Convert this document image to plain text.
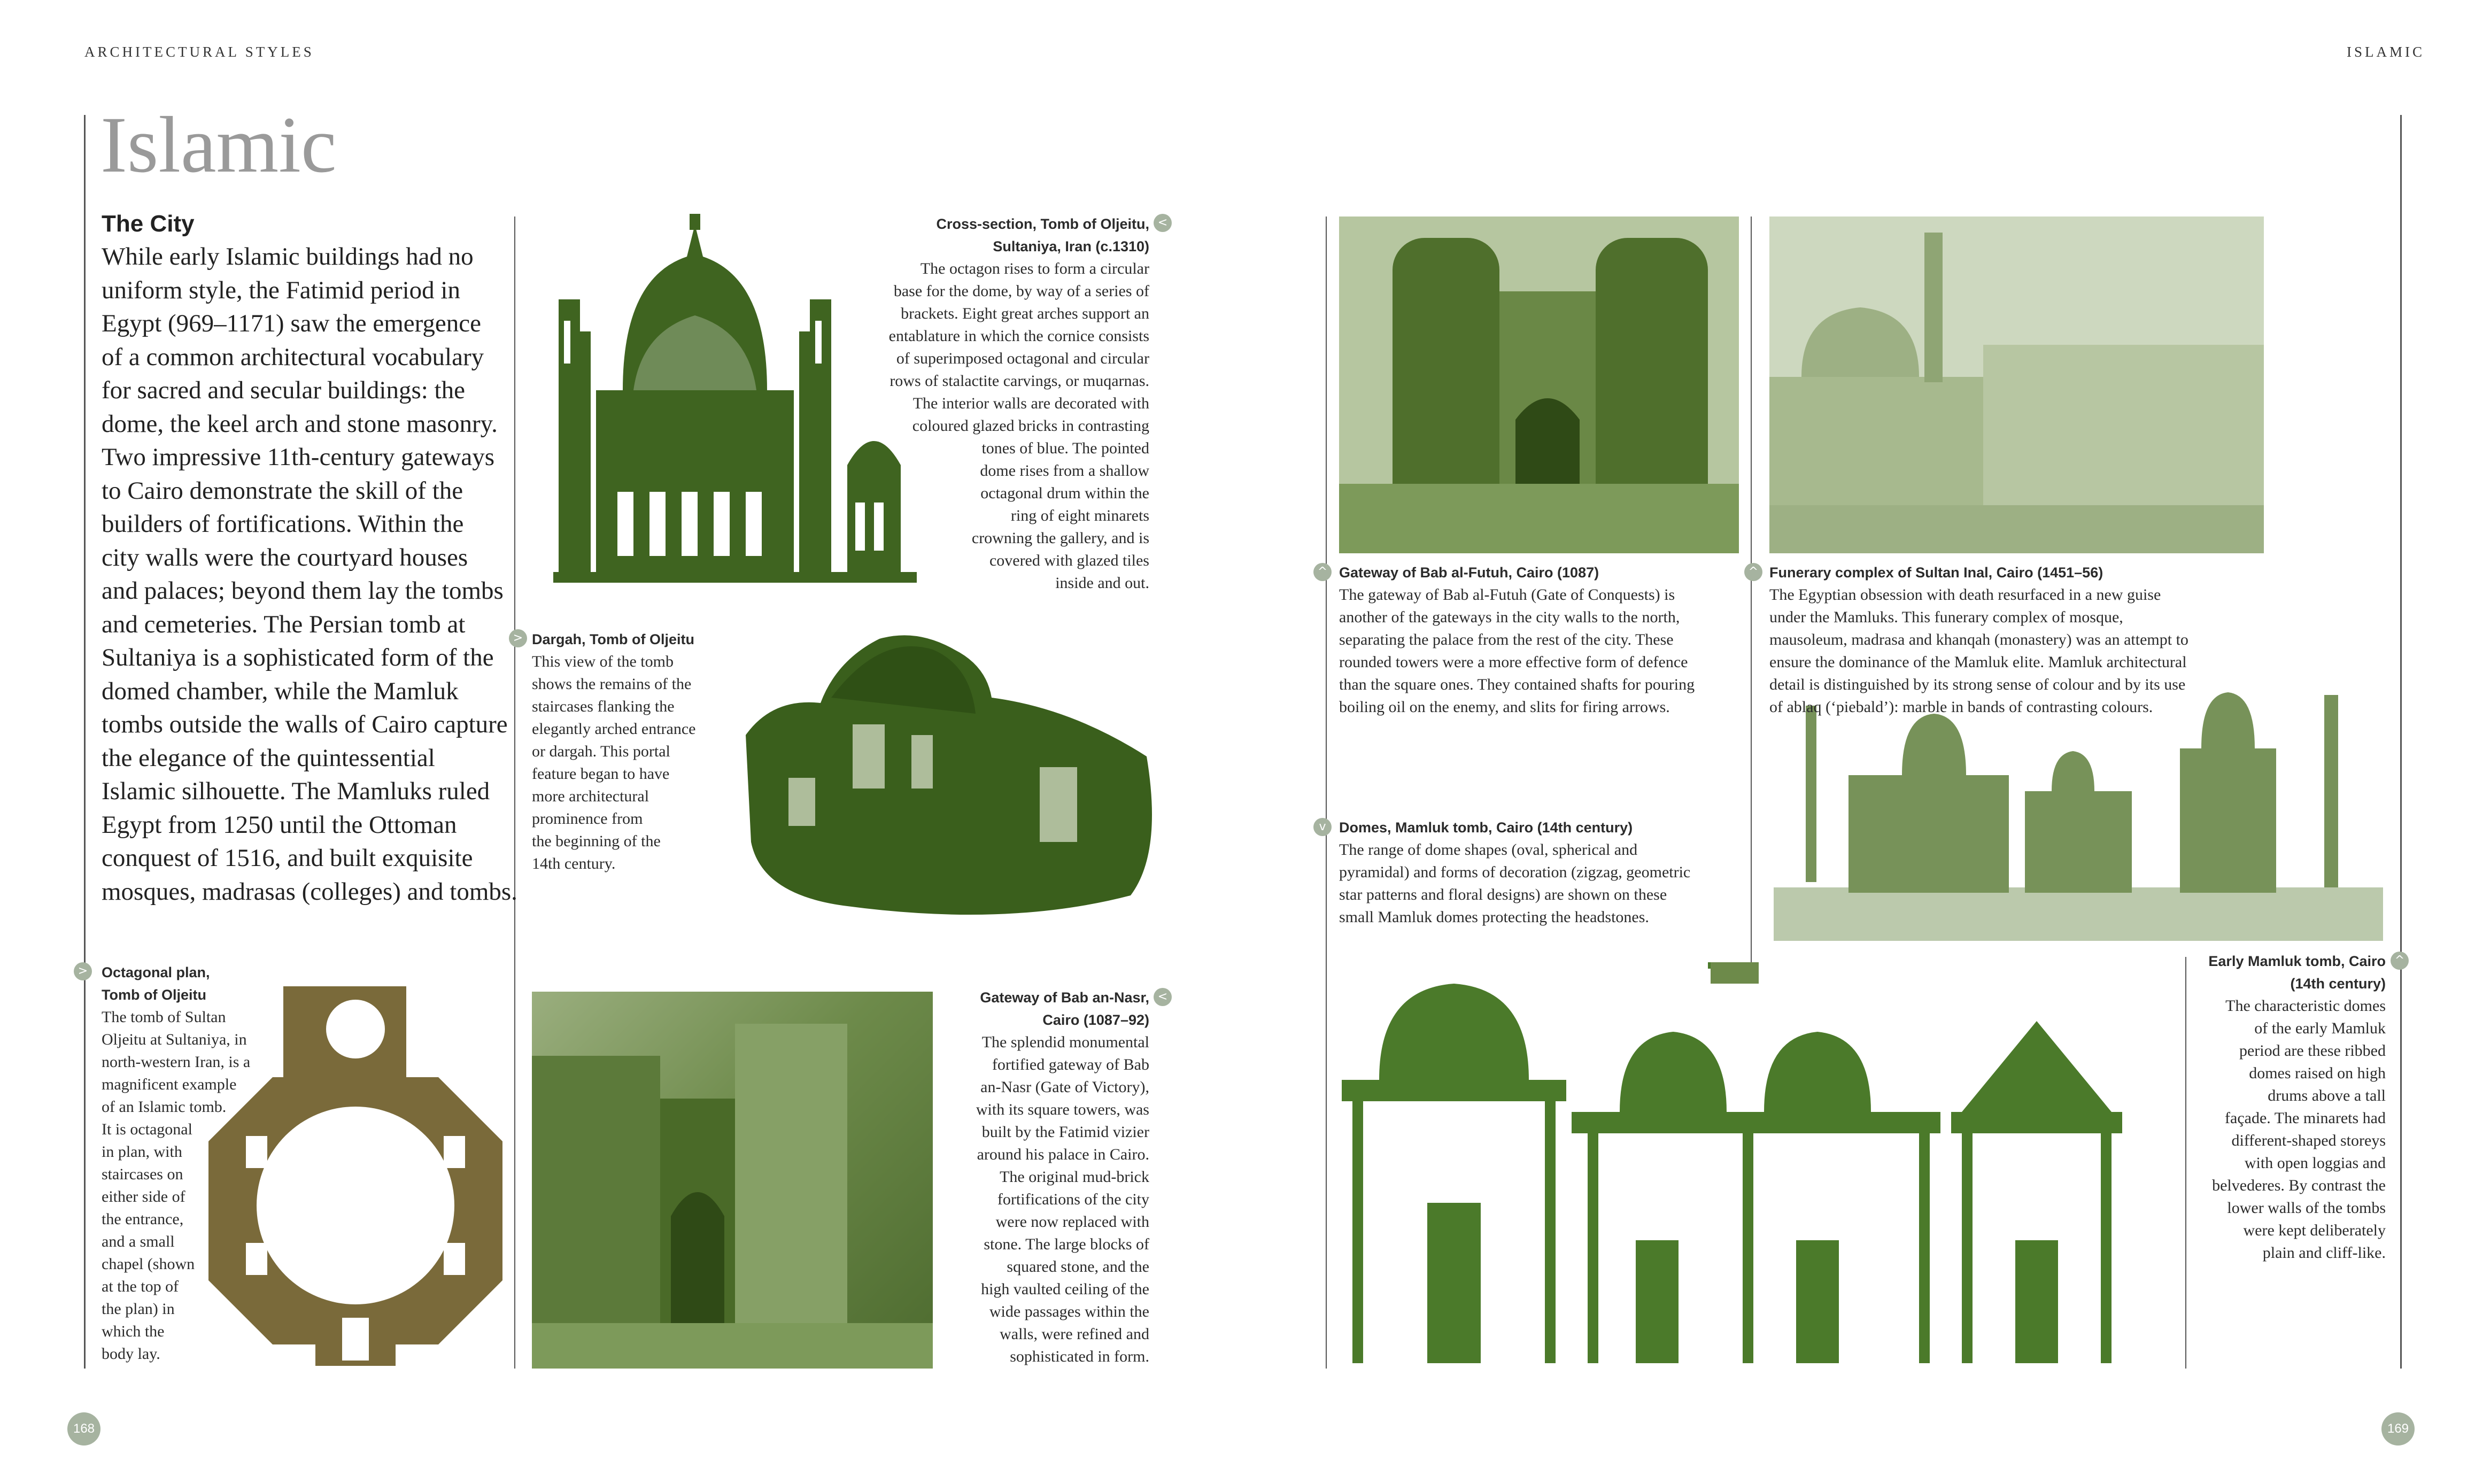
ARCHITECTURAL STYLES	ISLAMIC
Islamic
The City
While early Islamic buildings had no
uniform style, the Fatimid period in
Egypt (969–1171) saw the emergence
of a common architectural vocabulary
for sacred and secular buildings: the
dome, the keel arch and stone masonry.
Two impressive 11th-century gateways
to Cairo demonstrate the skill of the
builders of fortifications. Within the
city walls were the courtyard houses
and palaces; beyond them lay the tombs
and cemeteries. The Persian tomb at
Sultaniya is a sophisticated form of the
domed chamber, while the Mamluk
tombs outside the walls of Cairo capture
the elegance of the quintessential
Islamic silhouette. The Mamluks ruled
Egypt from 1250 until the Ottoman
conquest of 1516, and built exquisite
mosques, madrasas (colleges) and tombs.
<
Cross-section, Tomb of Oljeitu,
Sultaniya, Iran (c.1310)
The octagon rises to form a circular
base for the dome, by way of a series of
brackets. Eight great arches support an
entablature in which the cornice consists
of superimposed octagonal and circular
rows of stalactite carvings, or muqarnas.
The interior walls are decorated with
coloured glazed bricks in contrasting
tones of blue. The pointed
dome rises from a shallow
octagonal drum within the
ring of eight minarets
crowning the gallery, and is
covered with glazed tiles
inside and out.
> Dargah, Tomb of Oljeitu
This view of the tomb
shows the remains of the
staircases flanking the
elegantly arched entrance
or dargah. This portal
feature began to have
more architectural
prominence from
the beginning of the
14th century.
> Octagonal plan,
Tomb of Oljeitu
The tomb of Sultan
Oljeitu at Sultaniya, in
north-western Iran, is a
magnificent example
of an Islamic tomb.
It is octagonal
in plan, with
staircases on
either side of
the entrance,
and a small
chapel (shown
at the top of
the plan) in
which the
body lay.
<
Gateway of Bab an-Nasr,
Cairo (1087–92)
The splendid monumental
fortified gateway of Bab
an-Nasr (Gate of Victory),
with its square towers, was
built by the Fatimid vizier
around his palace in Cairo.
The original mud-brick
fortifications of the city
were now replaced with
stone. The large blocks of
squared stone, and the
high vaulted ceiling of the
wide passages within the
walls, were refined and
sophisticated in form.
^ Gateway of Bab al-Futuh, Cairo (1087)
The gateway of Bab al-Futuh (Gate of Conquests) is
another of the gateways in the city walls to the north,
separating the palace from the rest of the city. These
rounded towers were a more effective form of defence
than the square ones. They contained shafts for pouring
boiling oil on the enemy, and slits for firing arrows.
^ Funerary complex of Sultan Inal, Cairo (1451–56)
The Egyptian obsession with death resurfaced in a new guise
under the Mamluks. This funerary complex of mosque,
mausoleum, madrasa and khanqah (monastery) was an attempt to
ensure the dominance of the Mamluk elite. Mamluk architectural
detail is distinguished by its strong sense of colour and by its use
of ablaq (‘piebald’): marble in bands of contrasting colours.
v Domes, Mamluk tomb, Cairo (14th century)
The range of dome shapes (oval, spherical and
pyramidal) and forms of decoration (zigzag, geometric
star patterns and floral designs) are shown on these
small Mamluk domes protecting the headstones.
^
Early Mamluk tomb, Cairo
(14th century)
The characteristic domes
of the early Mamluk
period are these ribbed
domes raised on high
drums above a tall
façade. The minarets had
different-shaped storeys
with open loggias and
belvederes. By contrast the
lower walls of the tombs
were kept deliberately
plain and cliff-like.
168	169
